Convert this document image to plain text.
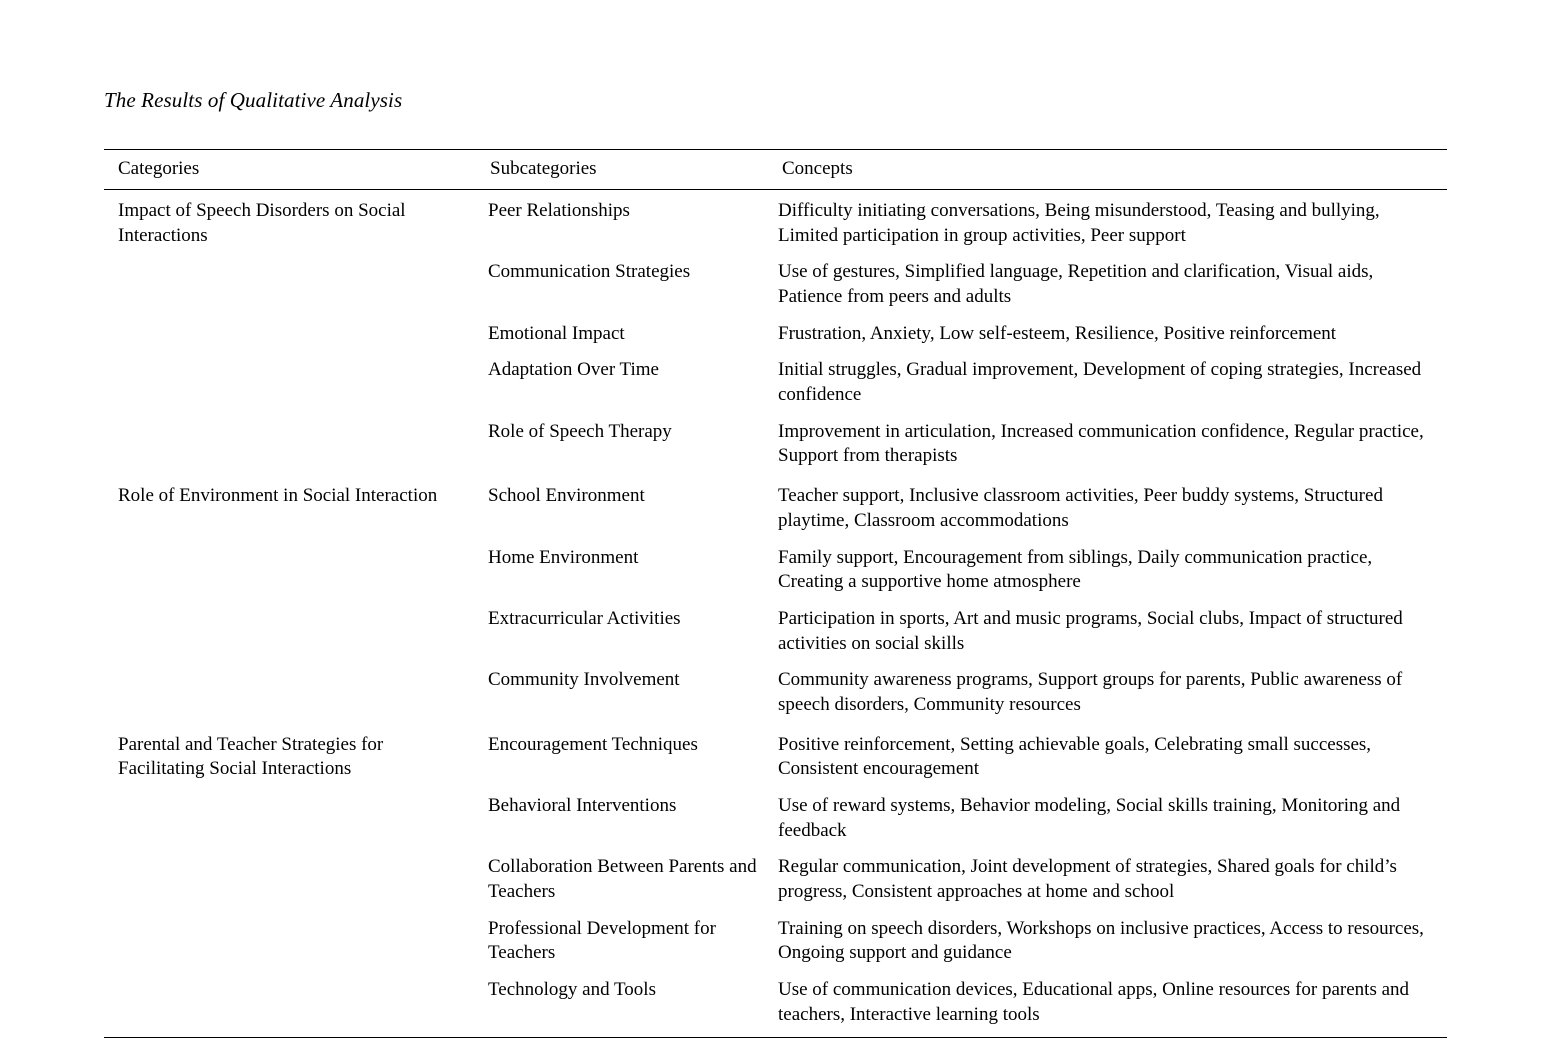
The Results of Qualitative Analysis
Categories	Subcategories	Concepts
Impact of Speech Disorders on Social Interactions	Peer Relationships	Difficulty initiating conversations, Being misunderstood, Teasing and bullying, Limited participation in group activities, Peer support
	Communication Strategies	Use of gestures, Simplified language, Repetition and clarification, Visual aids, Patience from peers and adults
	Emotional Impact	Frustration, Anxiety, Low self-esteem, Resilience, Positive reinforcement
	Adaptation Over Time	Initial struggles, Gradual improvement, Development of coping strategies, Increased confidence
	Role of Speech Therapy	Improvement in articulation, Increased communication confidence, Regular practice, Support from therapists
Role of Environment in Social Interaction	School Environment	Teacher support, Inclusive classroom activities, Peer buddy systems, Structured playtime, Classroom accommodations
	Home Environment	Family support, Encouragement from siblings, Daily communication practice, Creating a supportive home atmosphere
	Extracurricular Activities	Participation in sports, Art and music programs, Social clubs, Impact of structured activities on social skills
	Community Involvement	Community awareness programs, Support groups for parents, Public awareness of speech disorders, Community resources
Parental and Teacher Strategies for Facilitating Social Interactions	Encouragement Techniques	Positive reinforcement, Setting achievable goals, Celebrating small successes, Consistent encouragement
	Behavioral Interventions	Use of reward systems, Behavior modeling, Social skills training, Monitoring and feedback
	Collaboration Between Parents and Teachers	Regular communication, Joint development of strategies, Shared goals for child’s progress, Consistent approaches at home and school
	Professional Development for Teachers	Training on speech disorders, Workshops on inclusive practices, Access to resources, Ongoing support and guidance
	Technology and Tools	Use of communication devices, Educational apps, Online resources for parents and teachers, Interactive learning tools
